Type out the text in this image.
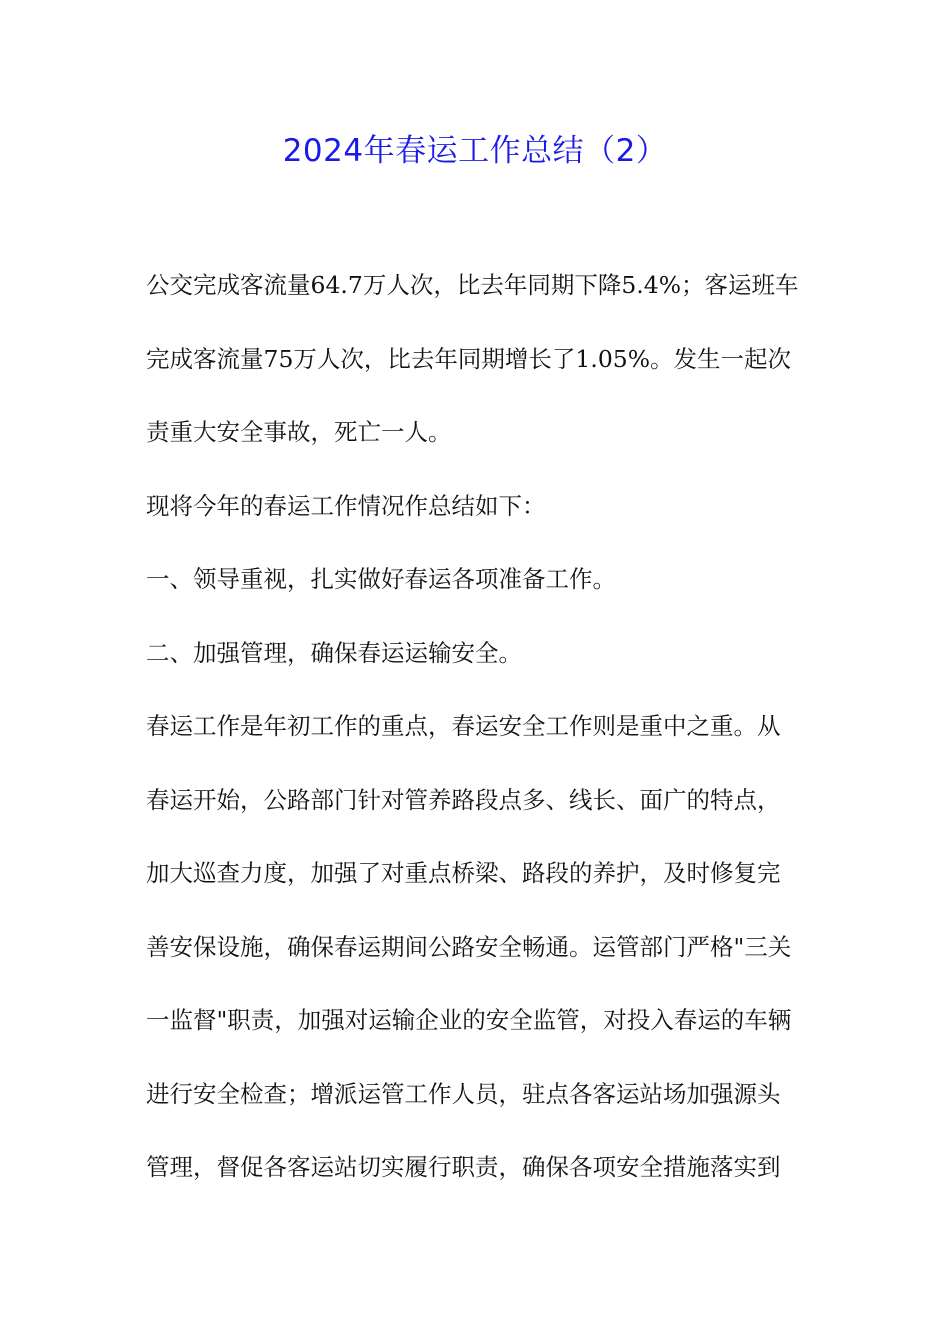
2024年春运工作总结（2）
公交完成客流量64.7万人次，比去年同期下降5.4%；客运班车
完成客流量75万人次，比去年同期增长了1.05%。发生一起次
责重大安全事故，死亡一人。
现将今年的春运工作情况作总结如下：
一、领导重视，扎实做好春运各项准备工作。
二、加强管理，确保春运运输安全。
春运工作是年初工作的重点，春运安全工作则是重中之重。从
春运开始，公路部门针对管养路段点多、线长、面广的特点，
加大巡查力度，加强了对重点桥梁、路段的养护，及时修复完
善安保设施，确保春运期间公路安全畅通。运管部门严格"三关
一监督"职责，加强对运输企业的安全监管，对投入春运的车辆
进行安全检查；增派运管工作人员，驻点各客运站场加强源头
管理，督促各客运站切实履行职责，确保各项安全措施落实到
